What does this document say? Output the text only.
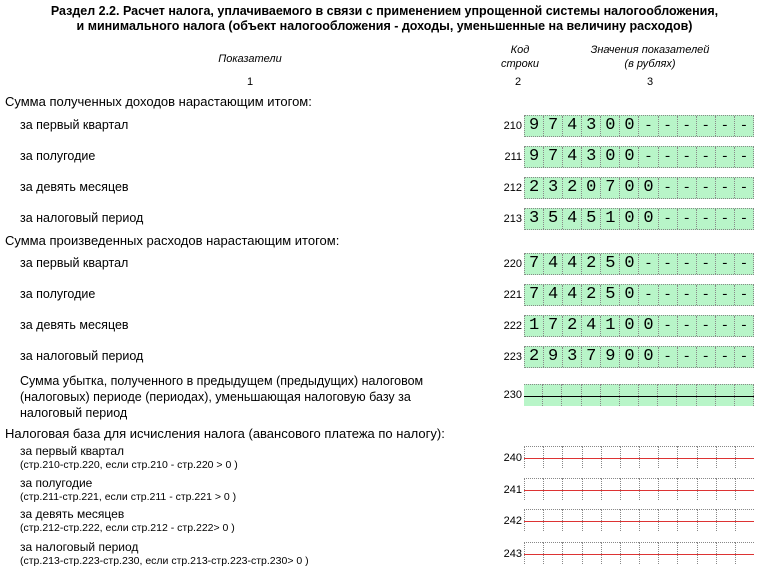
Раздел 2.2. Расчет налога, уплачиваемого в связи с применением упрощенной системы налогообложения,
и минимального налога (объект налогообложения - доходы, уменьшенные на величину расходов)
Показатели
Код
строки
Значения показателей
(в рублях)
1	2	3
Сумма полученных доходов нарастающим итогом:
за первый квартал	210 9 7 4 3 0 0 - - - - - -
за полугодие	211 9 7 4 3 0 0 - - - - - -
за девять месяцев	212 2 3 2 0 7 0 0 - - - - -
за налоговый период	213 3 5 4 5 1 0 0 - - - - -
Сумма произведенных расходов нарастающим итогом:
за первый квартал	220 7 4 4 2 5 0 - - - - - -
за полугодие	221 7 4 4 2 5 0 - - - - - -
за девять месяцев	222 1 7 2 4 1 0 0 - - - - -
за налоговый период	223 2 9 3 7 9 0 0 - - - - -
Сумма убытка, полученного в предыдущем (предыдущих) налоговом
(налоговых) периоде (периодах), уменьшающая налоговую базу за
налоговый период
230
Налоговая база для исчисления налога (авансового платежа по налогу):
за первый квартал
(стр.210-стр.220, если стр.210 - стр.220 > 0 )
240
за полугодие
(стр.211-стр.221, если стр.211 - стр.221 > 0 )
241
за девять месяцев
(стр.212-стр.222, если стр.212 - стр.222> 0 )
242
за налоговый период
(стр.213-стр.223-стр.230, если стр.213-стр.223-стр.230> 0 )
243
